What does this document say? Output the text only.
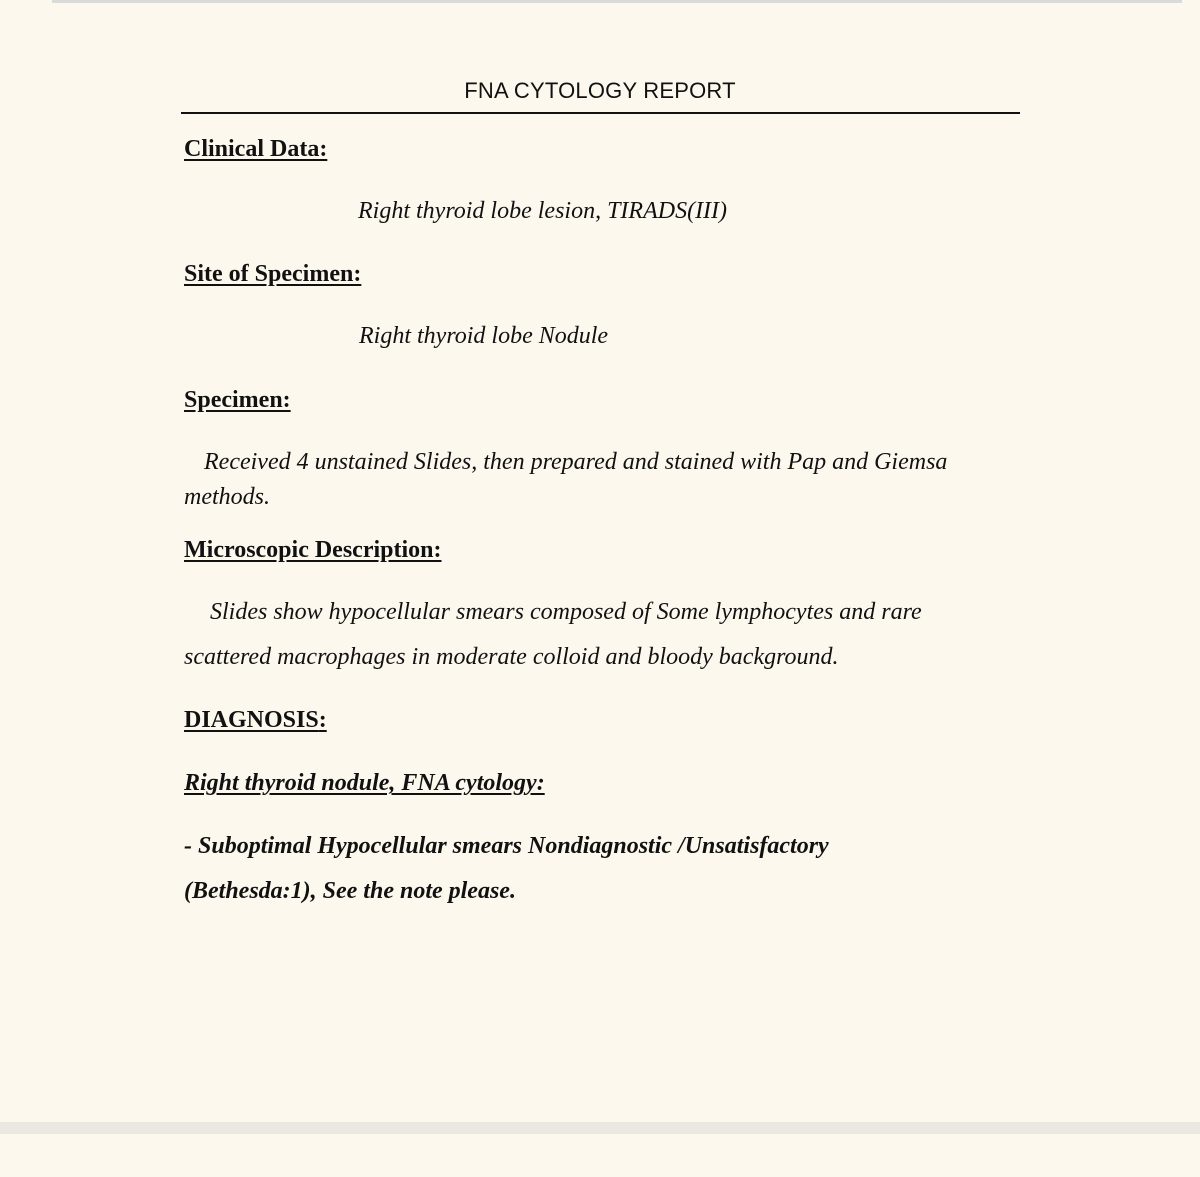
FNA CYTOLOGY REPORT
Clinical Data:
Right thyroid lobe lesion, TIRADS(III)
Site of Specimen:
Right thyroid lobe Nodule
Specimen:
Received 4 unstained Slides, then prepared and stained with Pap and Giemsa
methods.
Microscopic Description:
Slides show hypocellular smears composed of Some lymphocytes and rare
scattered macrophages in moderate colloid and bloody background.
DIAGNOSIS:
Right thyroid nodule, FNA cytology:
- Suboptimal Hypocellular smears Nondiagnostic /Unsatisfactory
(Bethesda:1), See the note please.
